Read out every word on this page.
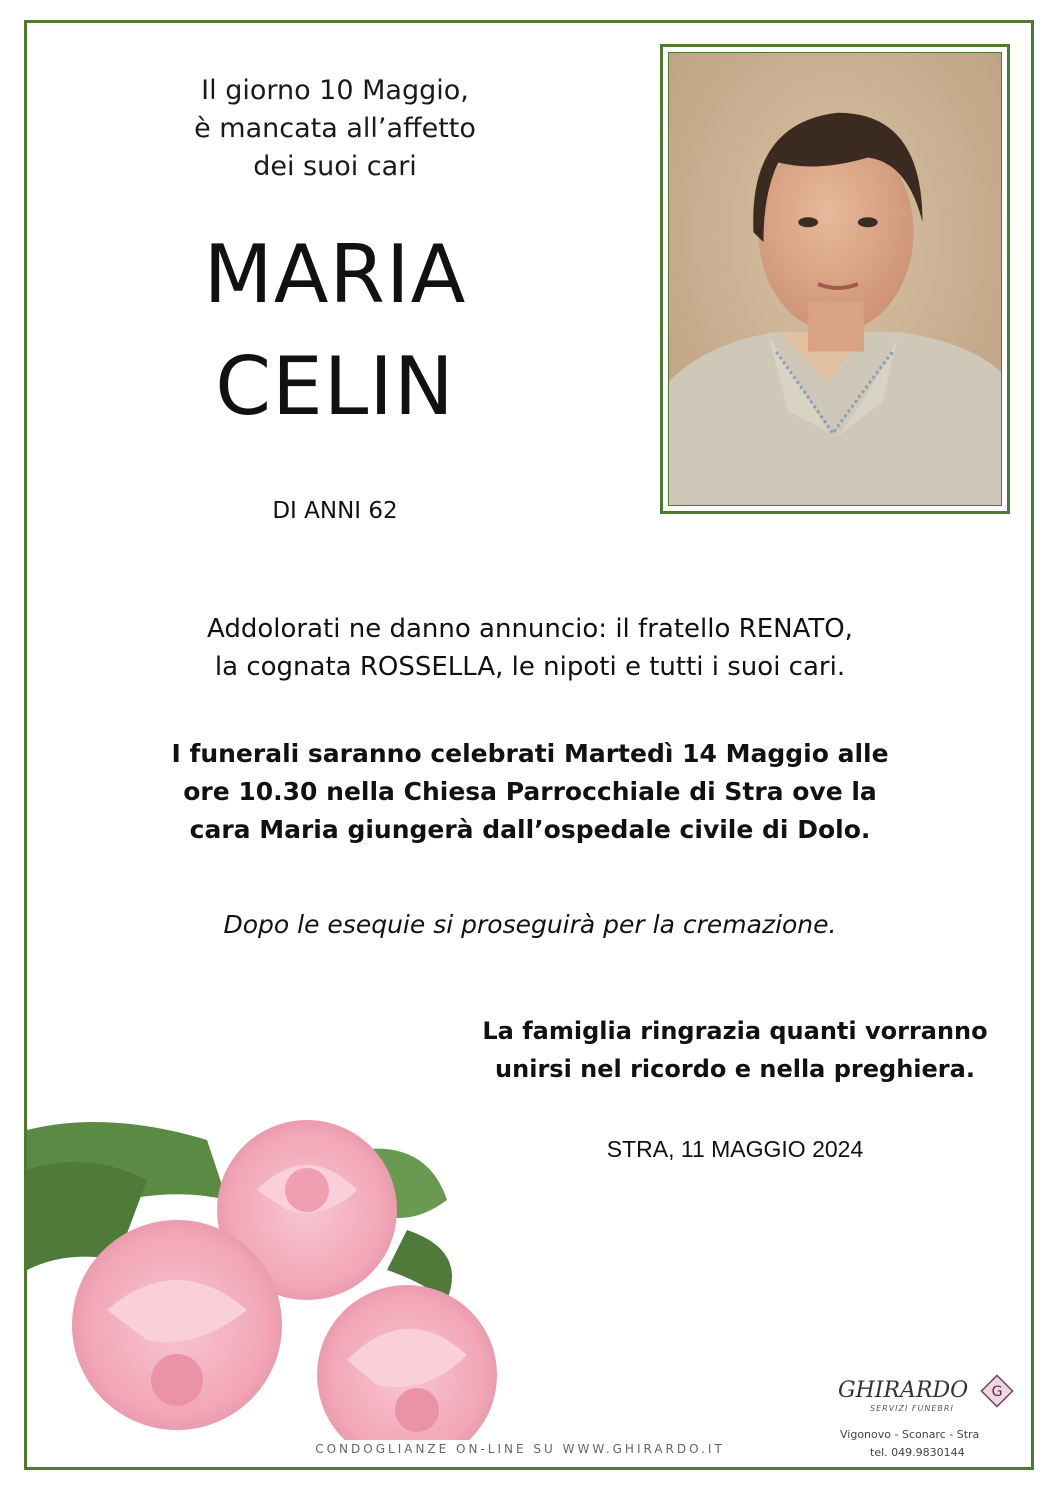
Il giorno 10 Maggio,
è mancata all’affetto
dei suoi cari
MARIA
CELIN
DI ANNI 62
Addolorati ne danno annuncio: il fratello RENATO,
la cognata ROSSELLA, le nipoti e tutti i suoi cari.
I funerali saranno celebrati Martedì 14 Maggio alle
ore 10.30 nella Chiesa Parrocchiale di Stra ove la
cara Maria giungerà dall’ospedale civile di Dolo.
Dopo le esequie si proseguirà per la cremazione.
La famiglia ringrazia quanti vorranno
unirsi nel ricordo e nella preghiera.
STRA, 11 MAGGIO 2024
CONDOGLIANZE ON-LINE SU WWW.GHIRARDO.IT
GHIRARDO
SERVIZI FUNEBRI
G
Vigonovo - Sconarc - Stra
tel. 049.9830144
